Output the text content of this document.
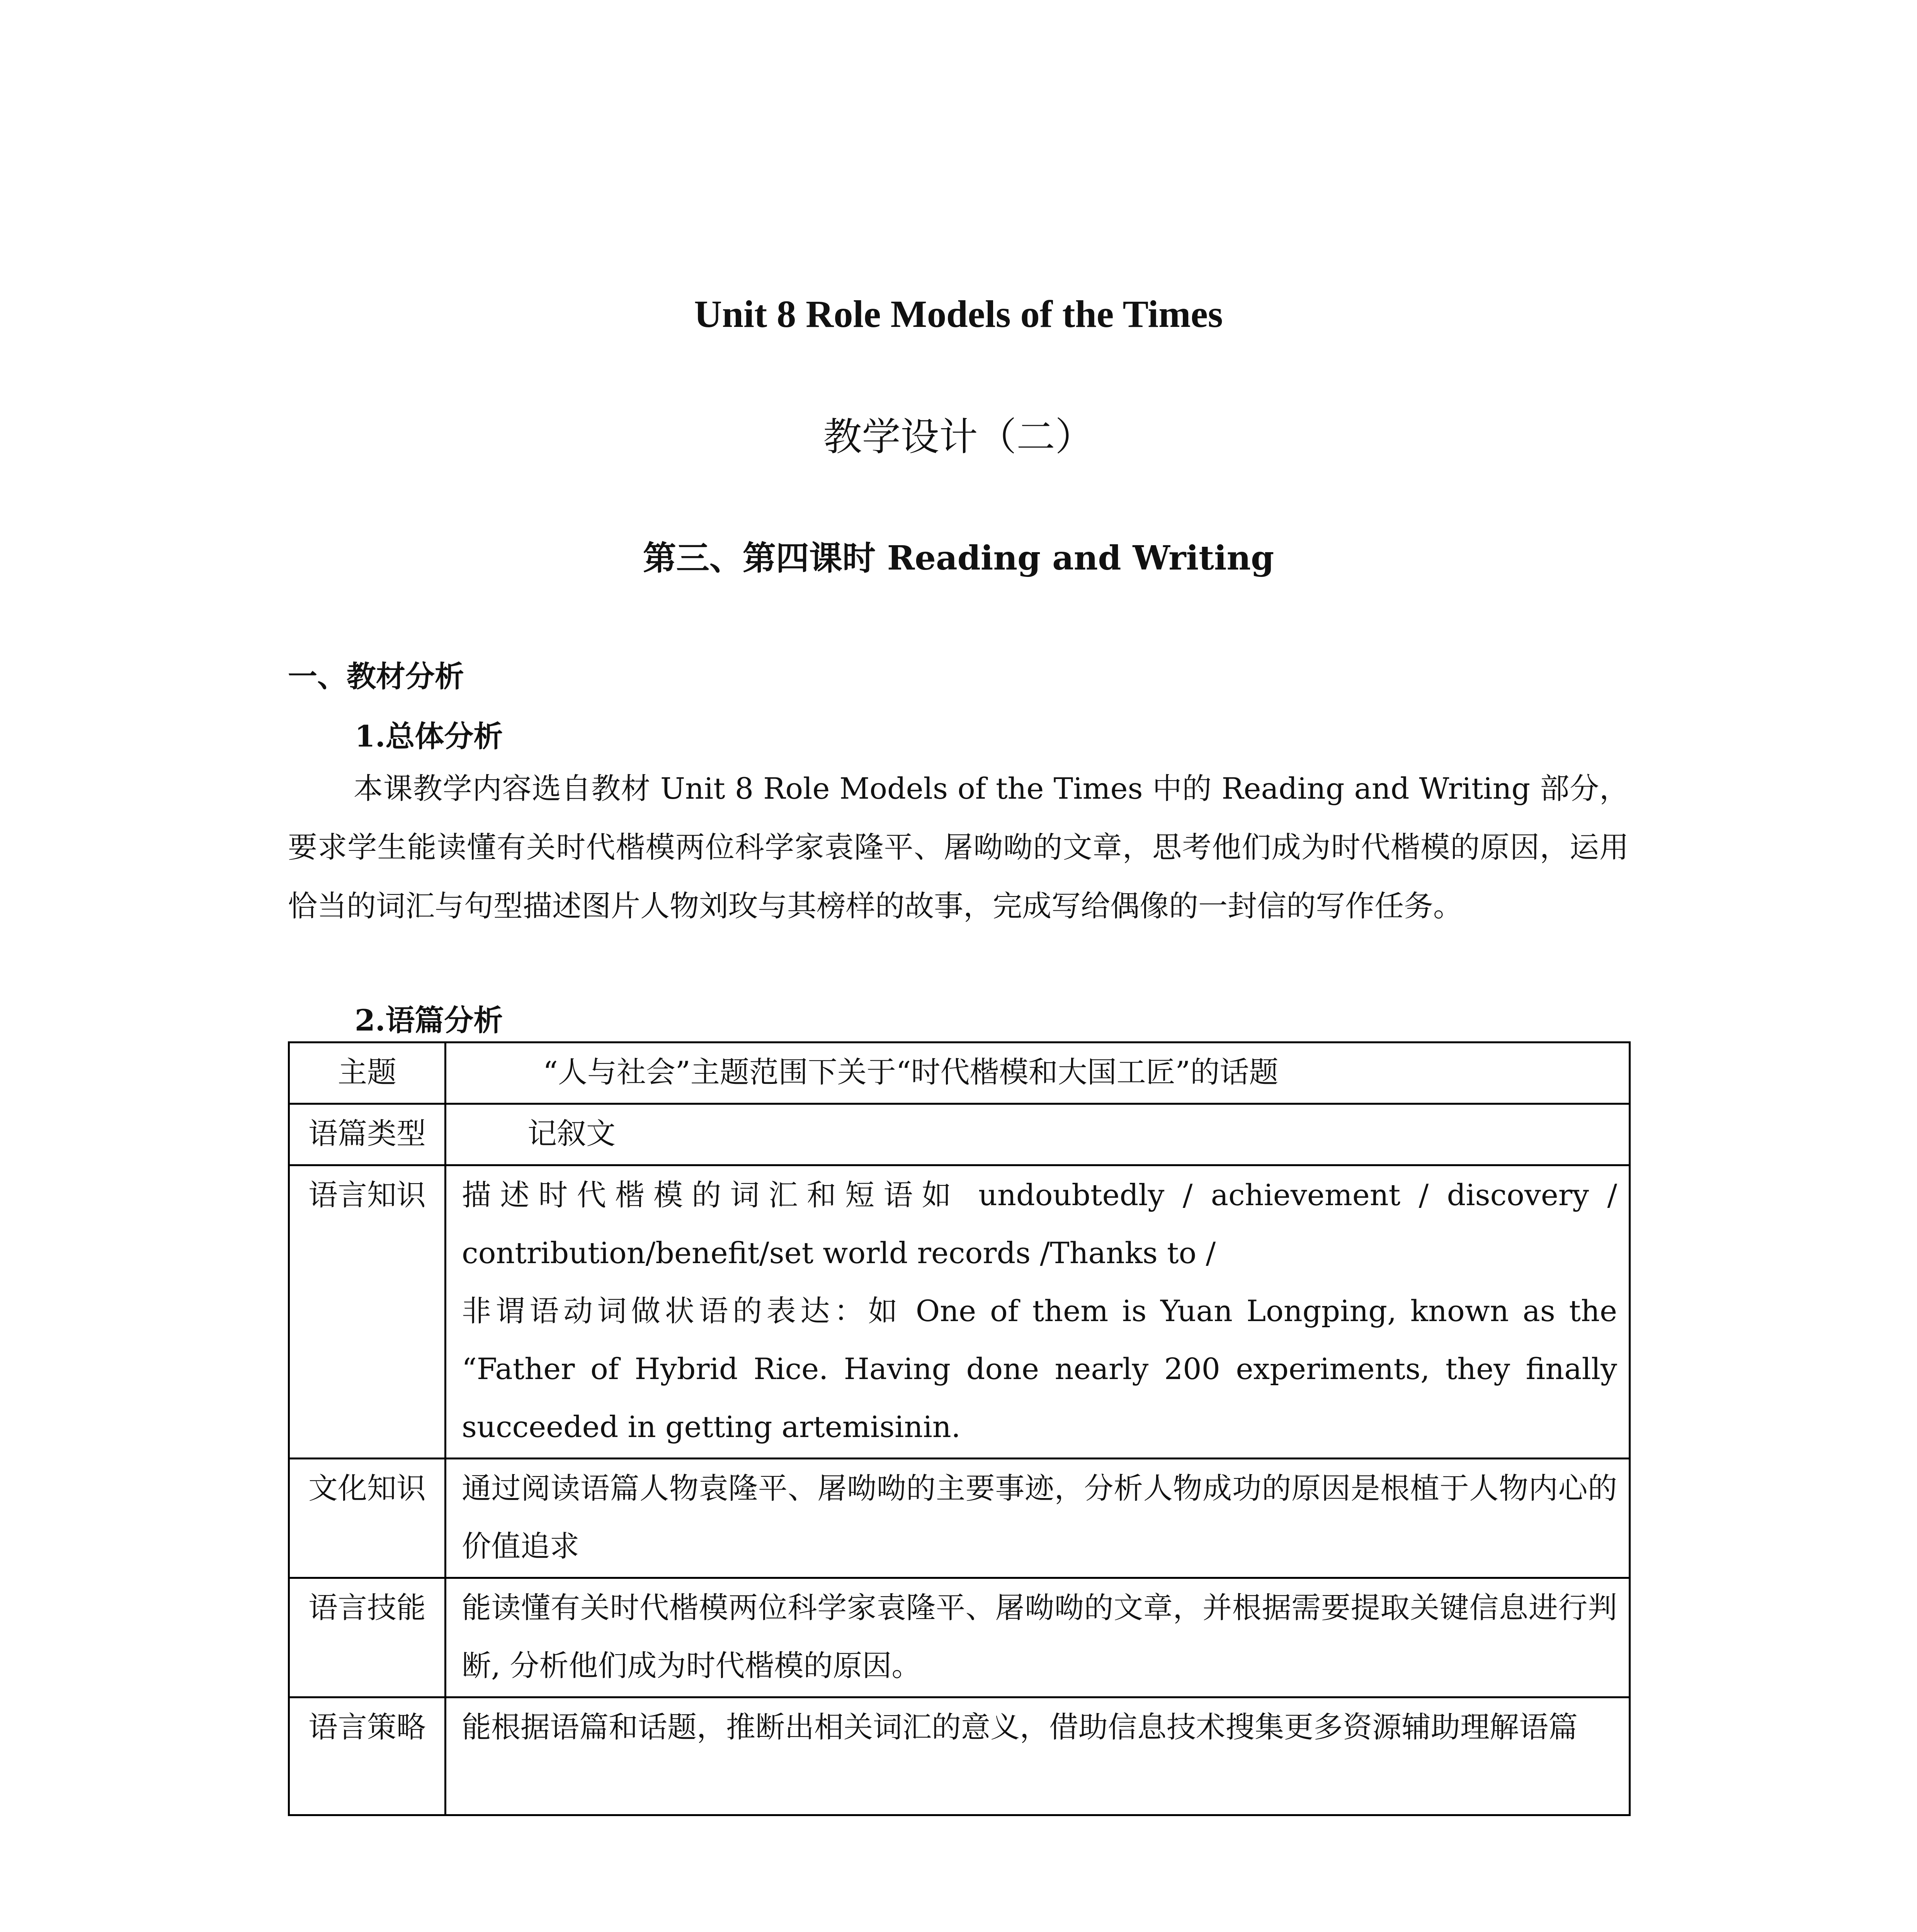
Unit 8 Role Models of the Times
教学设计（二）
第三、第四课时 Reading and Writing
一、教材分析
1.总体分析
本课教学内容选自教材 Unit 8 Role Models of the Times 中的 Reading and Writing 部分，要求学生能读懂有关时代楷模两位科学家袁隆平、屠呦呦的文章，思考他们成为时代楷模的原因，运用恰当的词汇与句型描述图片人物刘玫与其榜样的故事，完成写给偶像的一封信的写作任务。
2.语篇分析
主题	“人与社会”主题范围下关于“时代楷模和大国工匠”的话题
语篇类型	记叙文
语言知识	描述时代楷模的词汇和短语如 undoubtedly / achievement / discovery / contribution/benefit/set world records /Thanks to /
非谓语动词做状语的表达：如 One of them is Yuan Longping, known as the “Father of Hybrid Rice. Having done nearly 200 experiments, they finally succeeded in getting artemisinin.

文化知识	通过阅读语篇人物袁隆平、屠呦呦的主要事迹，分析人物成功的原因是根植于人物内心的价值追求
语言技能	能读懂有关时代楷模两位科学家袁隆平、屠呦呦的文章，并根据需要提取关键信息进行判断, 分析他们成为时代楷模的原因。
语言策略	能根据语篇和话题，推断出相关词汇的意义，借助信息技术搜集更多资源辅助理解语篇
